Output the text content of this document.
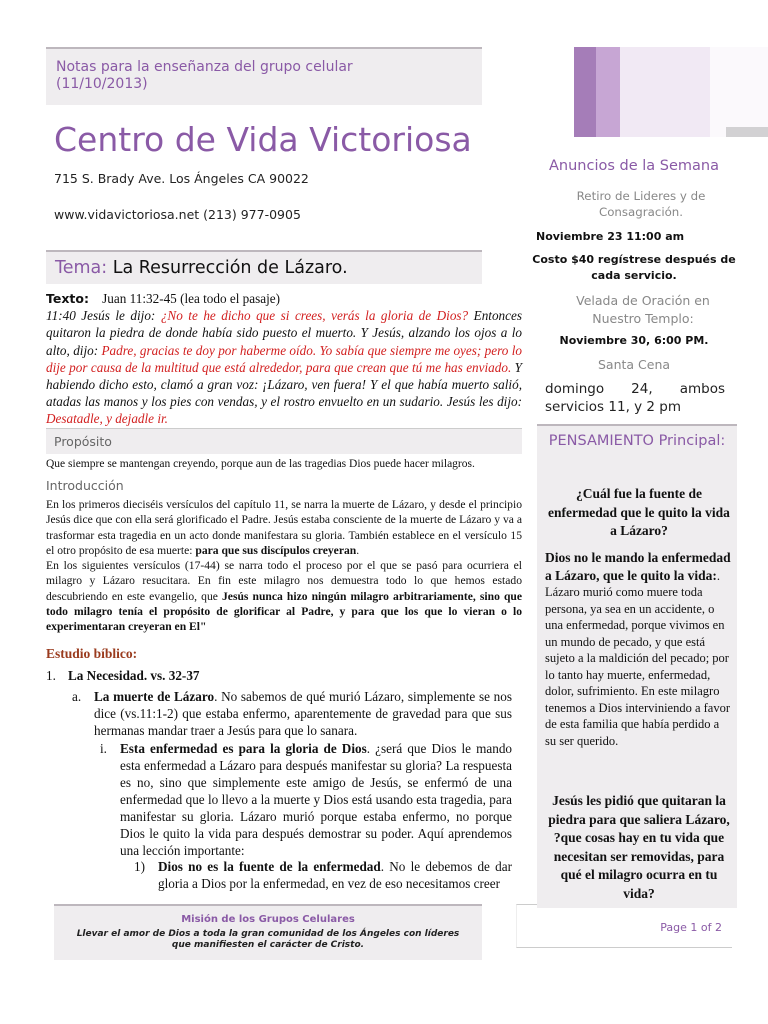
Notas para la enseñanza del grupo celular
(11/10/2013)
Centro de Vida Victoriosa
715 S. Brady Ave. Los Ángeles CA 90022
www.vidavictoriosa.net (213) 977-0905
Tema: La Resurrección de Lázaro.
Texto: Juan 11:32-45 (lea todo el pasaje)
11:40 Jesús le dijo: ¿No te he dicho que si crees, verás la gloria de Dios? Entonces quitaron la piedra de donde había sido puesto el muerto. Y Jesús, alzando los ojos a lo alto, dijo: Padre, gracias te doy por haberme oído. Yo sabía que siempre me oyes; pero lo dije por causa de la multitud que está alrededor, para que crean que tú me has enviado. Y habiendo dicho esto, clamó a gran voz: ¡Lázaro, ven fuera! Y el que había muerto salió, atadas las manos y los pies con vendas, y el rostro envuelto en un sudario. Jesús les dijo: Desatadle, y dejadle ir.
Propósito
Que siempre se mantengan creyendo, porque aun de las tragedias Dios puede hacer milagros.
Introducción
En los primeros dieciséis versículos del capítulo 11, se narra la muerte de Lázaro, y desde el principio Jesús dice que con ella será glorificado el Padre. Jesús estaba consciente de la muerte de Lázaro y va a trasformar esta tragedia en un acto donde manifestara su gloria. También establece en el versículo 15 el otro propósito de esa muerte: para que sus discípulos creyeran.
En los siguientes versículos (17-44) se narra todo el proceso por el que se pasó para ocurriera el milagro y Lázaro resucitara. En fin este milagro nos demuestra todo lo que hemos estado descubriendo en este evangelio, que Jesús nunca hizo ningún milagro arbitrariamente, sino que todo milagro tenía el propósito de glorificar al Padre, y para que los que lo vieran o lo experimentaran creyeran en El"
Estudio bíblico:
1. La Necesidad. vs. 32-37
a. La muerte de Lázaro. No sabemos de qué murió Lázaro, simplemente se nos dice (vs.11:1-2) que estaba enfermo, aparentemente de gravedad para que sus hermanas mandar traer a Jesús para que lo sanara.
i. Esta enfermedad es para la gloria de Dios. ¿será que Dios le mando esta enfermedad a Lázaro para después manifestar su gloria? La respuesta es no, sino que simplemente este amigo de Jesús, se enfermó de una enfermedad que lo llevo a la muerte y Dios está usando esta tragedia, para manifestar su gloria. Lázaro murió porque estaba enfermo, no porque Dios le quito la vida para después demostrar su poder. Aquí aprendemos una lección importante:
1) Dios no es la fuente de la enfermedad. No le debemos de dar gloria a Dios por la enfermedad, en vez de eso necesitamos creer
Misión de los Grupos Celulares
Llevar el amor de Dios a toda la gran comunidad de los Ángeles con líderes que manifiesten el carácter de Cristo.
Page 1 of 2
Anuncios de la Semana
Retiro de Lideres y de Consagración.
Noviembre 23 11:00 am
Costo $40 regístrese después de cada servicio.
Velada de Oración en Nuestro Templo:
Noviembre 30, 6:00 PM.
Santa Cena
domingo 24, ambos servicios 11, y 2 pm
PENSAMIENTO Principal:
¿Cuál fue la fuente de enfermedad que le quito la vida a Lázaro?
Dios no le mando la enfermedad a Lázaro, que le quito la vida:. Lázaro murió como muere toda persona, ya sea en un accidente, o una enfermedad, porque vivimos en un mundo de pecado, y que está sujeto a la maldición del pecado; por lo tanto hay muerte, enfermedad, dolor, sufrimiento. En este milagro tenemos a Dios interviniendo a favor de esta familia que había perdido a su ser querido.
Jesús les pidió que quitaran la piedra para que saliera Lázaro, ?que cosas hay en tu vida que necesitan ser removidas, para qué el milagro ocurra en tu vida?
